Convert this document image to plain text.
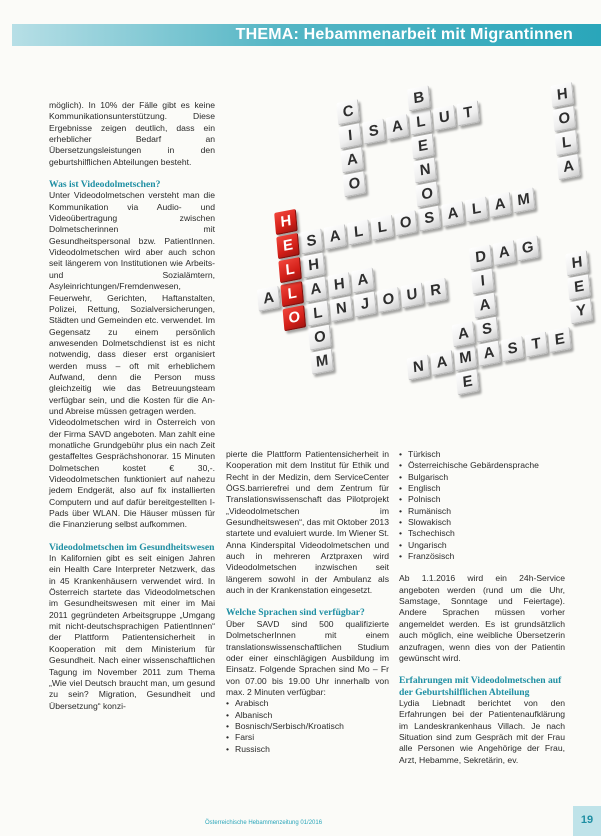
THEMA: Hebammenarbeit mit Migrantinnen

möglich). In 10% der Fälle gibt es keine Kommunikationsunterstützung. Diese Ergebnisse zeigen deutlich, dass ein erheblicher Bedarf an Übersetzungsleistungen in den geburtshilflichen Abteilungen besteht.

Was ist Videodolmetschen?

Unter Videodolmetschen versteht man die Kommunikation via Audio- und Videoübertragung zwischen Dolmetscherinnen mit Gesundheitspersonal bzw. PatientInnen. Videodolmetschen wird aber auch schon seit längerem von Institutionen wie Arbeits- und Sozialämtern, Asyleinrichtungen/Fremdenwesen, Feuerwehr, Gerichten, Haftanstalten, Polizei, Rettung, Sozialversicherungen, Städten und Gemeinden etc. verwendet. Im Gegensatz zu einem persönlich anwesenden Dolmetschdienst ist es nicht notwendig, dass dieser erst organisiert werden muss – oft mit erheblichem Aufwand, denn die Person muss gleichzeitig wie das Betreuungsteam verfügbar sein, und die Kosten für die An- und Abreise müssen getragen werden.

Videodolmetschen wird in Österreich von der Firma SAVD angeboten. Man zahlt eine monatliche Grundgebühr plus ein nach Zeit gestaffeltes Gesprächshonorar. 15 Minuten Dolmetschen kostet € 30,-. Videodolmetschen funktioniert auf nahezu jedem Endgerät, also auf fix installierten Computern und auf dafür bereitgestellten I-Pads über WLAN. Die Häuser müssen für die Finanzierung selbst aufkommen.

Videodolmetschen im Gesundheitswesen

In Kalifornien gibt es seit einigen Jahren ein Health Care Interpreter Netzwerk, das in 45 Krankenhäusern verwendet wird. In Österreich startete das Videodolmetschen im Gesundheitswesen mit einer im Mai 2011 gegründeten Arbeitsgruppe „Umgang mit nicht-deutschsprachigen PatientInnen“ der Plattform Patientensicherheit in Kooperation mit dem Ministerium für Gesundheit. Nach einer wissenschaftlichen Tagung im November 2011 zum Thema „Wie viel Deutsch braucht man, um gesund zu sein? Migration, Gesundheit und Übersetzung“ konzi-

C
I
A
O
S A L U T
B
E
N
O
S
H
O
L
A
S
H
A
L
O
M
A L L O	A L A M
A L	H A
H
E
L
O	N J O U R
D A G
I
A
S
H
E
Y
N A M A S T E
A
E

pierte die Plattform Patientensicherheit in Kooperation mit dem Institut für Ethik und Recht in der Medizin, dem ServiceCenter ÖGS.barrierefrei und dem Zentrum für Translationswissenschaft das Pilotprojekt „Videodolmetschen im Gesundheitswesen“, das mit Oktober 2013 startete und evaluiert wurde. Im Wiener St. Anna Kinderspital Videodolmetschen und auch in mehreren Arztpraxen wird Videodolmetschen inzwischen seit längerem sowohl in der Ambulanz als auch in der Krankenstation eingesetzt.

Welche Sprachen sind verfügbar?

Über SAVD sind 500 qualifizierte DolmetscherInnen mit einem translationswissenschaftlichen Studium oder einer einschlägigen Ausbildung im Einsatz. Folgende Sprachen sind Mo – Fr von 07.00 bis 19.00 Uhr innerhalb von max. 2 Minuten verfügbar:

• Arabisch
• Albanisch
• Bosnisch/Serbisch/Kroatisch
• Farsi
• Russisch
• Türkisch
• Österreichische Gebärdensprache
• Bulgarisch
• Englisch
• Polnisch
• Rumänisch
• Slowakisch
• Tschechisch
• Ungarisch
• Französisch

Ab 1.1.2016 wird ein 24h-Service angeboten werden (rund um die Uhr, Samstage, Sonntage und Feiertage). Andere Sprachen müssen vorher angemeldet werden. Es ist grundsätzlich auch möglich, eine weibliche Übersetzerin anzufragen, wenn dies von der Patientin gewünscht wird.

Erfahrungen mit Videodolmetschen auf der Geburtshilflichen Abteilung

Lydia Liebnadt berichtet von den Erfahrungen bei der Patientenaufklärung im Landeskrankenhaus Villach. Je nach Situation sind zum Gespräch mit der Frau alle Personen wie Angehörige der Frau, Arzt, Hebamme, Sekretärin, ev.

Österreichische Hebammenzeitung 01/2016	19
